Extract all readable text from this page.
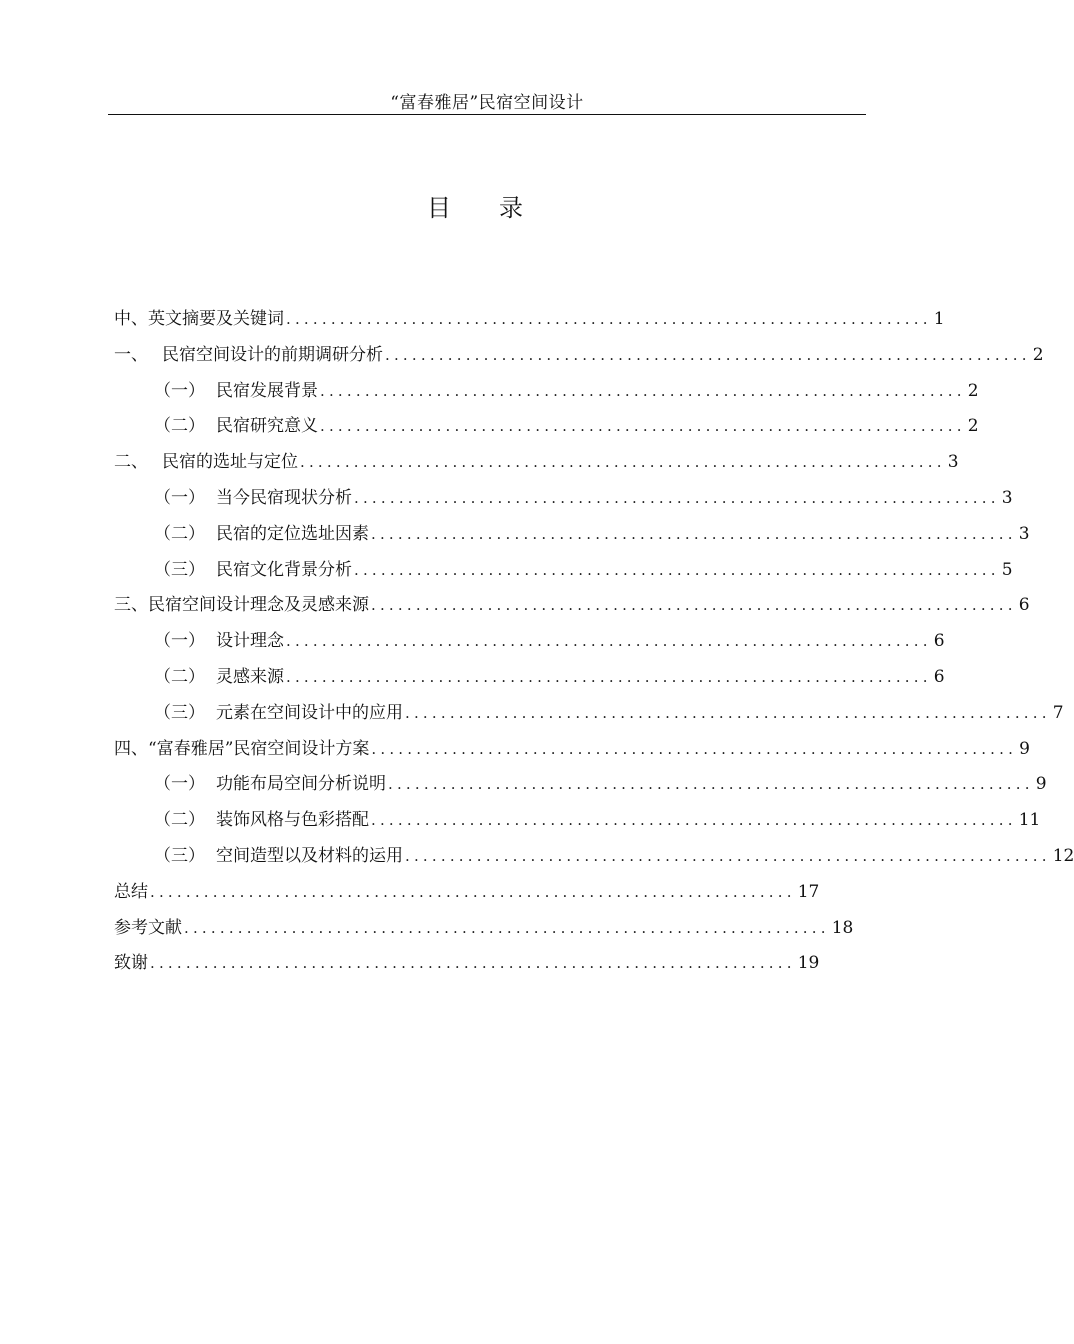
“富春雅居”民宿空间设计
目 录
中、英文摘要及关键词 ........................................................................ 1
一、 民宿空间设计的前期调研分析 ........................................................................ 2
（一） 民宿发展背景 ........................................................................ 2
（二） 民宿研究意义 ........................................................................ 2
二、 民宿的选址与定位 ........................................................................ 3
（一） 当今民宿现状分析 ........................................................................ 3
（二） 民宿的定位选址因素 ........................................................................ 3
（三） 民宿文化背景分析 ........................................................................ 5
三、民宿空间设计理念及灵感来源 ........................................................................ 6
（一） 设计理念 ........................................................................ 6
（二） 灵感来源 ........................................................................ 6
（三） 元素在空间设计中的应用 ........................................................................ 7
四、“富春雅居”民宿空间设计方案 ........................................................................ 9
（一） 功能布局空间分析说明 ........................................................................ 9
（二） 装饰风格与色彩搭配 ........................................................................ 11
（三） 空间造型以及材料的运用 ........................................................................ 12
总结 ........................................................................ 17
参考文献 ........................................................................ 18
致谢 ........................................................................ 19
